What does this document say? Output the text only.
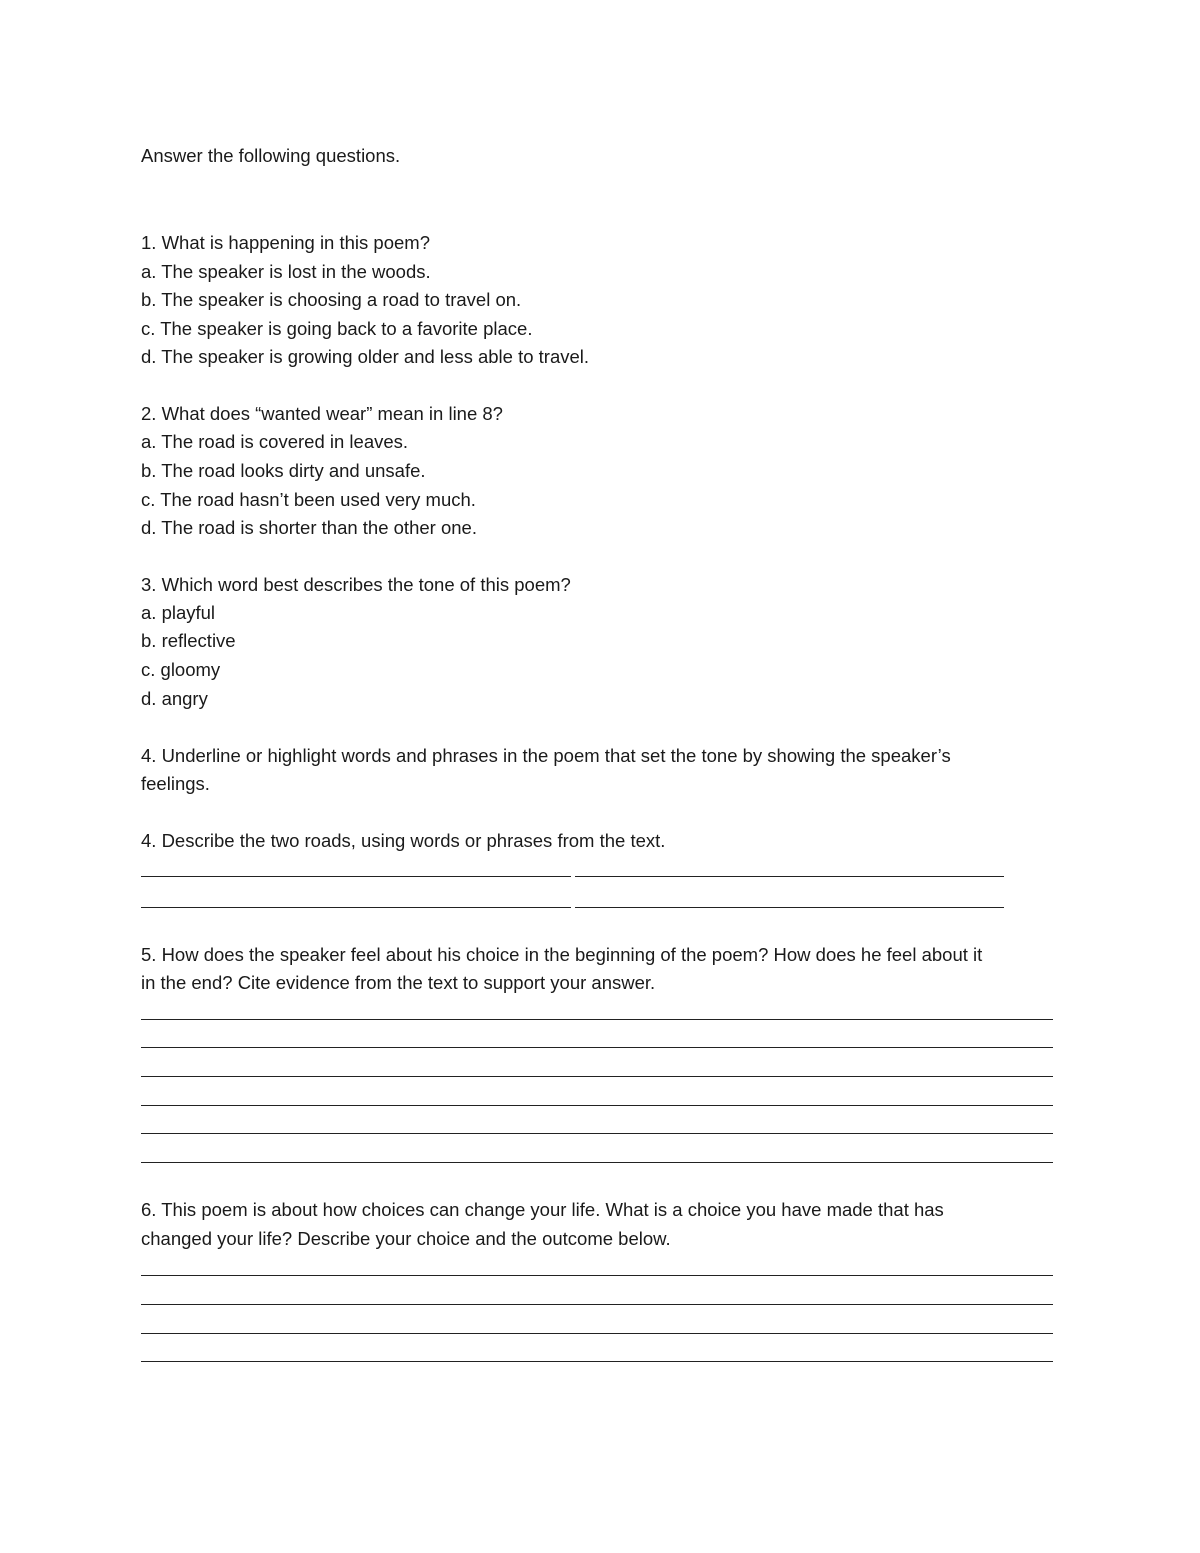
Answer the following questions.
1. What is happening in this poem?
a. The speaker is lost in the woods.
b. The speaker is choosing a road to travel on.
c. The speaker is going back to a favorite place.
d. The speaker is growing older and less able to travel.
2. What does “wanted wear” mean in line 8?
a. The road is covered in leaves.
b. The road looks dirty and unsafe.
c. The road hasn’t been used very much.
d. The road is shorter than the other one.
3. Which word best describes the tone of this poem?
a. playful
b. reflective
c. gloomy
d. angry
4. Underline or highlight words and phrases in the poem that set the tone by showing the speaker’s
feelings.
4. Describe the two roads, using words or phrases from the text.
5. How does the speaker feel about his choice in the beginning of the poem? How does he feel about it
in the end? Cite evidence from the text to support your answer.
6. This poem is about how choices can change your life. What is a choice you have made that has
changed your life? Describe your choice and the outcome below.
